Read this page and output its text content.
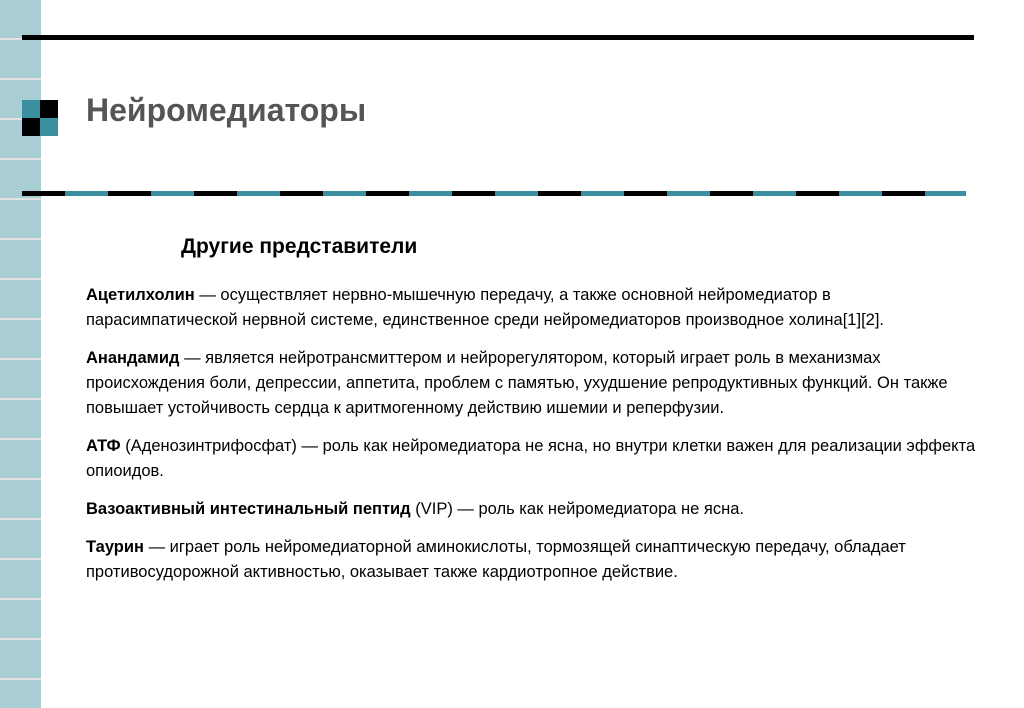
Нейромедиаторы
Другие представители

Ацетилхолин — осуществляет нервно-мышечную передачу, а также основной нейромедиатор в парасимпатической нервной системе, единственное среди нейромедиаторов производное холина[1][2].

Анандамид — является нейротрансмиттером и нейрорегулятором, который играет роль в механизмах происхождения боли, депрессии, аппетита, проблем с памятью, ухудшение репродуктивных функций. Он также повышает устойчивость сердца к аритмогенному действию ишемии и реперфузии.

АТФ (Аденозинтрифосфат) — роль как нейромедиатора не ясна, но внутри клетки важен для реализации эффекта опиоидов.

Вазоактивный интестинальный пептид (VIP) — роль как нейромедиатора не ясна.

Таурин — играет роль нейромедиаторной аминокислоты, тормозящей синаптическую передачу, обладает противосудорожной активностью, оказывает также кардиотропное действие.
